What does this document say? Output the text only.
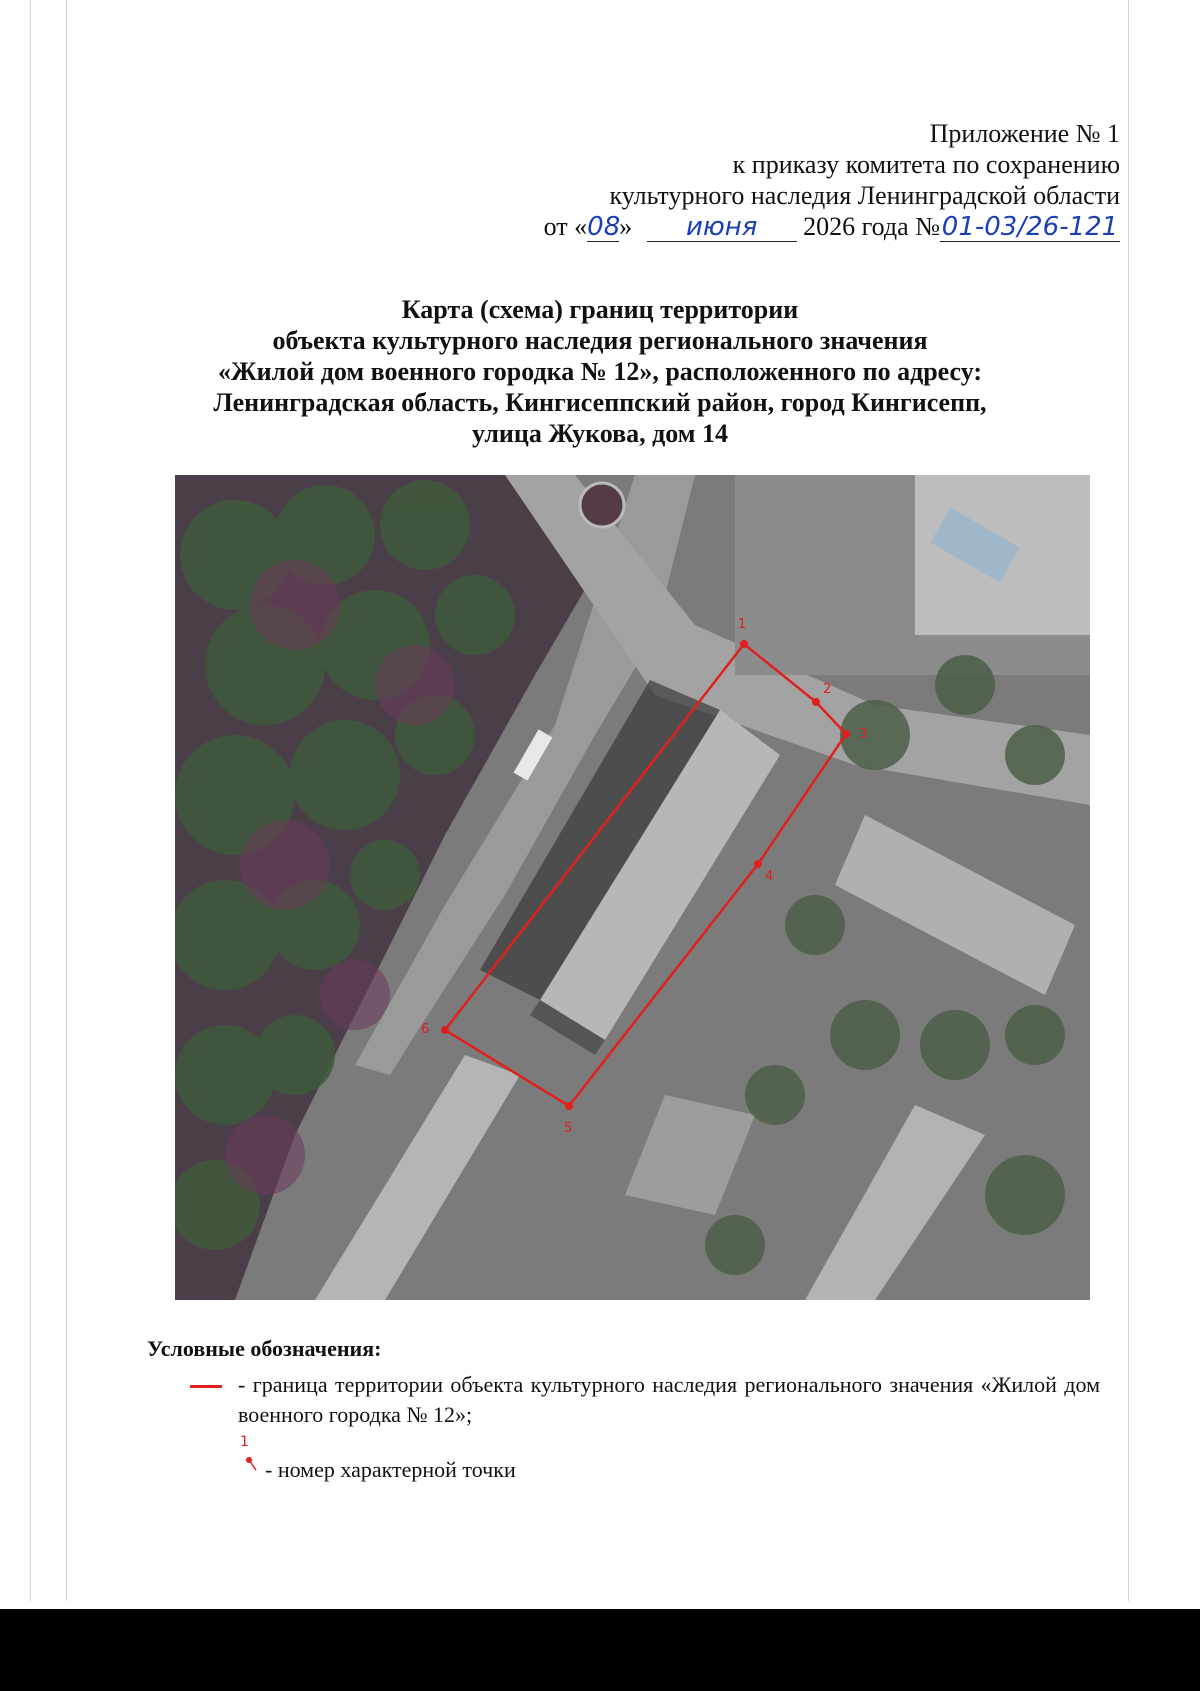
Приложение № 1
к приказу комитета по сохранению
культурного наследия Ленинградской области
от «08» июня 2026 года №01-03/26-121
Карта (схема) границ территории
объекта культурного наследия регионального значения
«Жилой дом военного городка № 12», расположенного по адресу:
Ленинградская область, Кингисеппский район, город Кингисепп,
улица Жукова, дом 14
1
2
3
4
5
6
Условные обозначения:
- граница территории объекта культурного наследия регионального значения «Жилой дом военного городка № 12»;
1
- номер характерной точки
